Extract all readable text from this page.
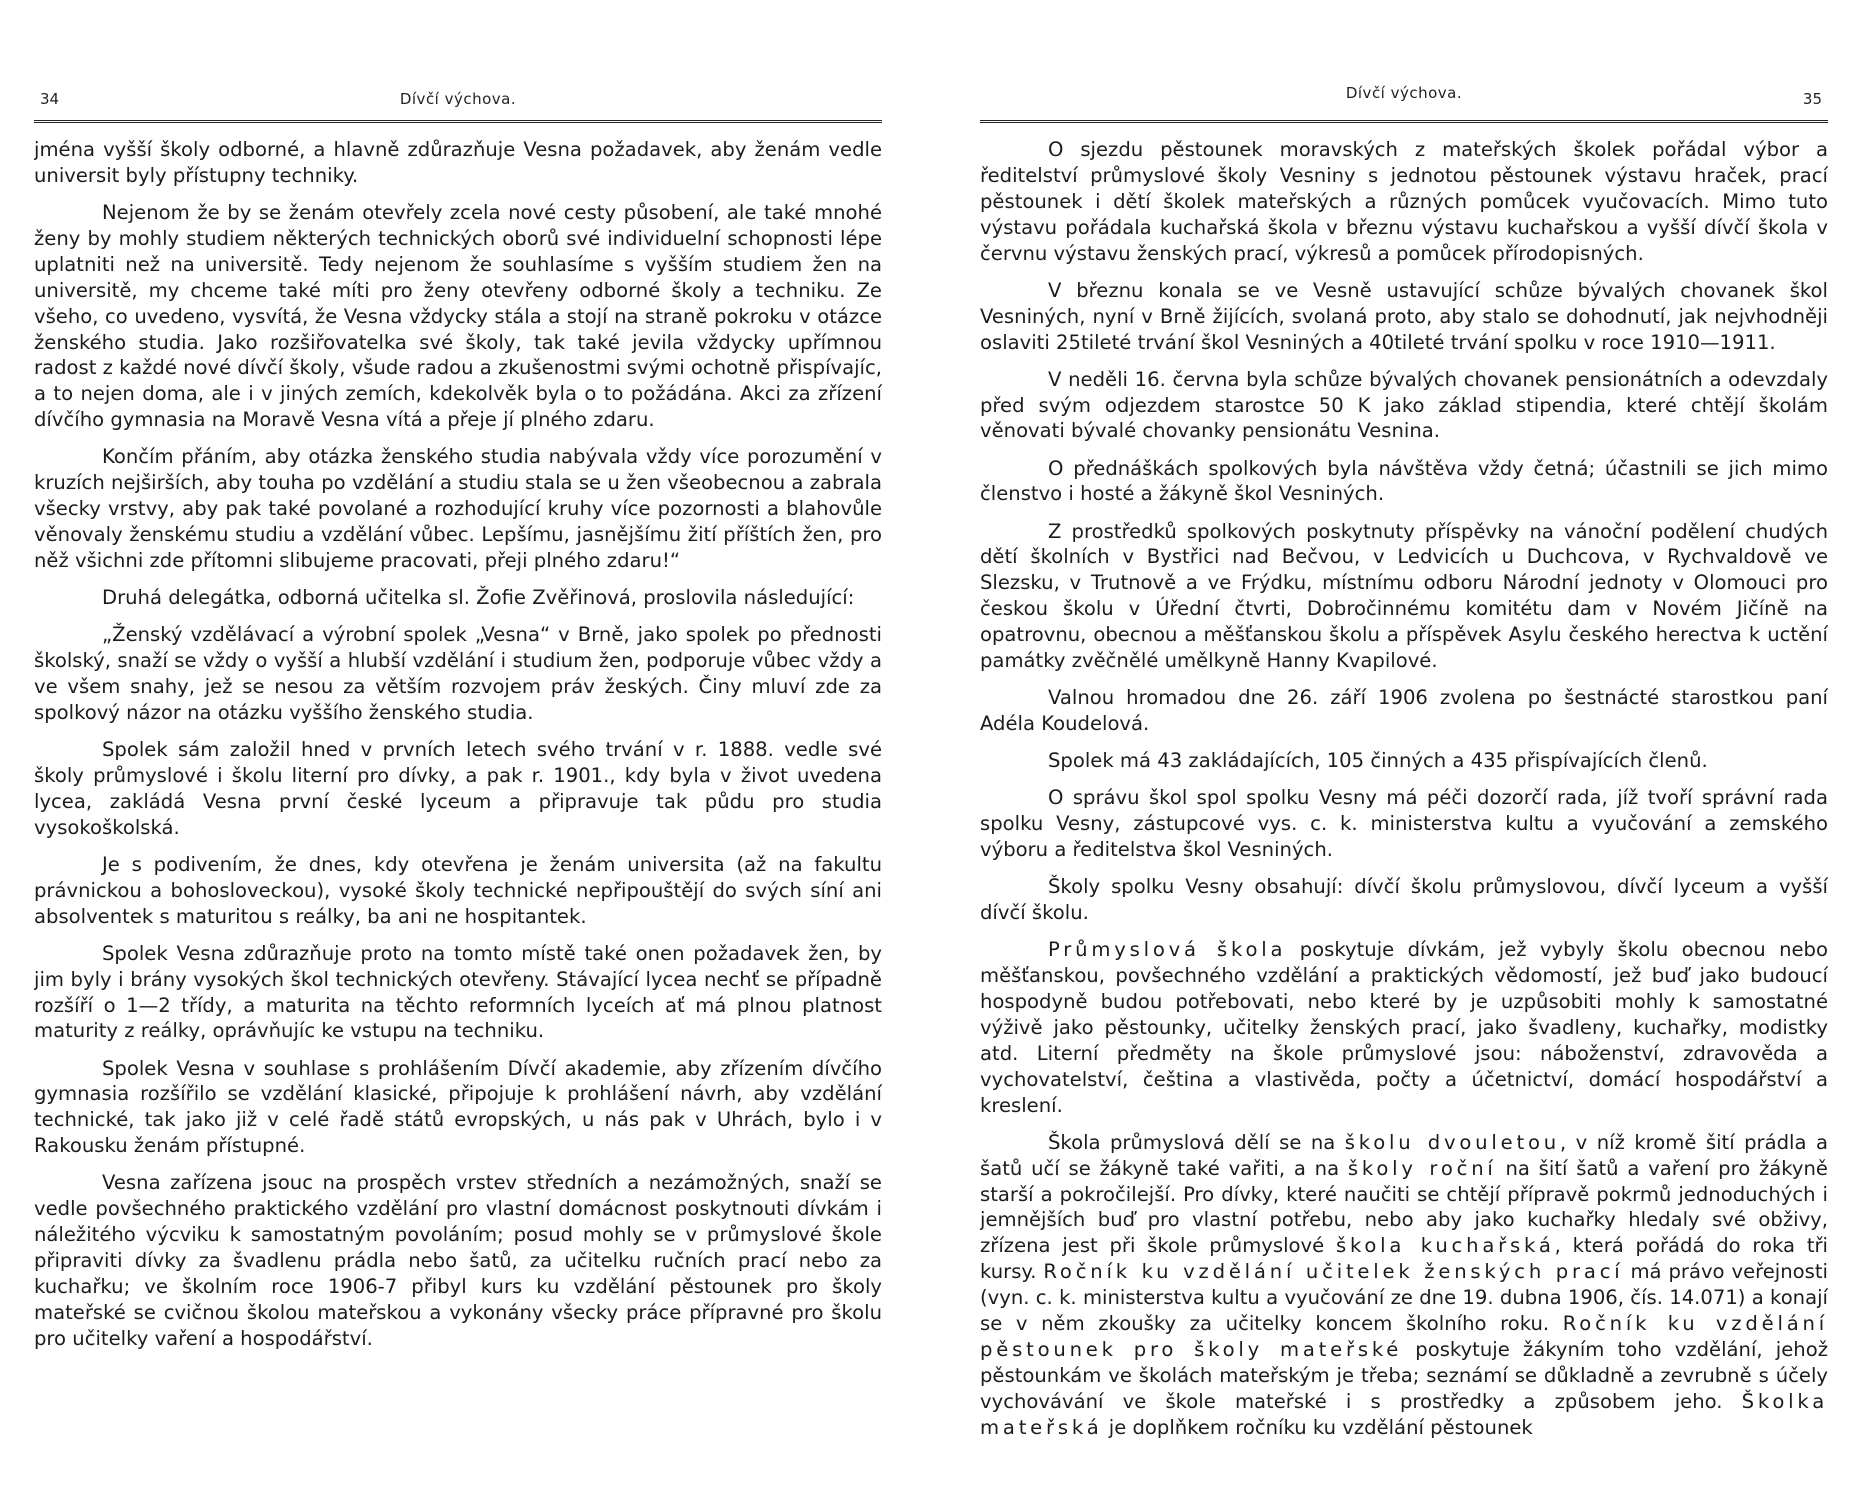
34	Dívčí výchova.

jména vyšší školy odborné, a hlavně zdůrazňuje Vesna požadavek, aby ženám vedle universit byly přístupny techniky.

Nejenom že by se ženám otevřely zcela nové cesty působení, ale také mnohé ženy by mohly studiem některých technických oborů své individuelní schopnosti lépe uplatniti než na universitě. Tedy nejenom že souhlasíme s vyšším studiem žen na universitě, my chceme také míti pro ženy otevřeny odborné školy a techniku. Ze všeho, co uvedeno, vysvítá, že Vesna vždycky stála a stojí na straně pokroku v otázce ženského studia. Jako rozšiřovatelka své školy, tak také jevila vždycky upřímnou radost z každé nové dívčí školy, všude radou a zkušenostmi svými ochotně přispívajíc, a to nejen doma, ale i v jiných zemích, kdekolvěk byla o to požádána. Akci za zřízení dívčího gymnasia na Moravě Vesna vítá a přeje jí plného zdaru.

Končím přáním, aby otázka ženského studia nabývala vždy více porozumění v kruzích nejširších, aby touha po vzdělání a studiu stala se u žen všeobecnou a zabrala všecky vrstvy, aby pak také povolané a rozhodující kruhy více pozornosti a blahovůle věnovaly ženskému studiu a vzdělání vůbec. Lepšímu, jasnějšímu žití příštích žen, pro něž všichni zde přítomni slibujeme pracovati, přeji plného zdaru!“

Druhá delegátka, odborná učitelka sl. Žofie Zvěřinová, proslovila následující:

„Ženský vzdělávací a výrobní spolek „Vesna“ v Brně, jako spolek po přednosti školský, snaží se vždy o vyšší a hlubší vzdělání i studium žen, podporuje vůbec vždy a ve všem snahy, jež se nesou za větším rozvojem práv žeských. Činy mluví zde za spolkový názor na otázku vyššího ženského studia.

Spolek sám založil hned v prvních letech svého trvání v r. 1888. vedle své školy průmyslové i školu literní pro dívky, a pak r. 1901., kdy byla v život uvedena lycea, zakládá Vesna první české lyceum a připravuje tak půdu pro studia vysokoškolská.

Je s podivením, že dnes, kdy otevřena je ženám universita (až na fakultu právnickou a bohosloveckou), vysoké školy technické nepřipouštějí do svých síní ani absolventek s maturitou s reálky, ba ani ne hospitantek.

Spolek Vesna zdůrazňuje proto na tomto místě také onen požadavek žen, by jim byly i brány vysokých škol technických otevřeny. Stávající lycea nechť se případně rozšíří o 1—2 třídy, a maturita na těchto reformních lyceích ať má plnou platnost maturity z reálky, oprávňujíc ke vstupu na techniku.

Spolek Vesna v souhlase s prohlášením Dívčí akademie, aby zřízením dívčího gymnasia rozšířilo se vzdělání klasické, připojuje k prohlášení návrh, aby vzdělání technické, tak jako již v celé řadě států evropských, u nás pak v Uhrách, bylo i v Rakousku ženám přístupné.

Vesna zařízena jsouc na prospěch vrstev středních a nezámožných, snaží se vedle povšechného praktického vzdělání pro vlastní domácnost poskytnouti dívkám i náležitého výcviku k samostatným povoláním; posud mohly se v průmyslové škole připraviti dívky za švadlenu prádla nebo šatů, za učitelku ručních prací nebo za kuchařku; ve školním roce 1906-7 přibyl kurs ku vzdělání pěstounek pro školy mateřské se cvičnou školou mateřskou a vykonány všecky práce přípravné pro školu pro učitelky vaření a hospodářství.

Dívčí výchova.	35

O sjezdu pěstounek moravských z mateřských školek pořádal výbor a ředitelství průmyslové školy Vesniny s jednotou pěstounek výstavu hraček, prací pěstounek i dětí školek mateřských a různých pomůcek vyučovacích. Mimo tuto výstavu pořádala kuchařská škola v březnu výstavu kuchařskou a vyšší dívčí škola v červnu výstavu ženských prací, výkresů a pomůcek přírodopisných.

V březnu konala se ve Vesně ustavující schůze bývalých chovanek škol Vesniných, nyní v Brně žijících, svolaná proto, aby stalo se dohodnutí, jak nejvhodněji oslaviti 25tileté trvání škol Vesniných a 40tileté trvání spolku v roce 1910—1911.

V neděli 16. června byla schůze bývalých chovanek pensionátních a odevzdaly před svým odjezdem starostce 50 K jako základ stipendia, které chtějí školám věnovati bývalé chovanky pensionátu Vesnina.

O přednáškách spolkových byla návštěva vždy četná; účastnili se jich mimo členstvo i hosté a žákyně škol Vesniných.

Z prostředků spolkových poskytnuty příspěvky na vánoční podělení chudých dětí školních v Bystřici nad Bečvou, v Ledvicích u Duchcova, v Rychvaldově ve Slezsku, v Trutnově a ve Frýdku, místnímu odboru Národní jednoty v Olomouci pro českou školu v Úřední čtvrti, Dobročinnému komitétu dam v Novém Jičíně na opatrovnu, obecnou a měšťanskou školu a příspěvek Asylu českého herectva k uctění památky zvěčnělé umělkyně Hanny Kvapilové.

Valnou hromadou dne 26. září 1906 zvolena po šestnácté starostkou paní Adéla Koudelová.

Spolek má 43 zakládajících, 105 činných a 435 přispívajících členů.

O správu škol spol spolku Vesny má péči dozorčí rada, jíž tvoří správní rada spolku Vesny, zástupcové vys. c. k. ministerstva kultu a vyučování a zemského výboru a ředitelstva škol Vesniných.

Školy spolku Vesny obsahují: dívčí školu průmyslovou, dívčí lyceum a vyšší dívčí školu.

Průmyslová škola poskytuje dívkám, jež vybyly školu obecnou nebo měšťanskou, povšechného vzdělání a praktických vědomostí, jež buď jako budoucí hospodyně budou potřebovati, nebo které by je uzpůsobiti mohly k samostatné výživě jako pěstounky, učitelky ženských prací, jako švadleny, kuchařky, modistky atd. Literní předměty na škole průmyslové jsou: náboženství, zdravověda a vychovatelství, čeština a vlastivěda, počty a účetnictví, domácí hospodářství a kreslení.

Škola průmyslová dělí se na školu dvouletou, v níž kromě šití prádla a šatů učí se žákyně také vařiti, a na školy roční na šití šatů a vaření pro žákyně starší a pokročilejší. Pro dívky, které naučiti se chtějí přípravě pokrmů jednoduchých i jemnějších buď pro vlastní potřebu, nebo aby jako kuchařky hledaly své obživy, zřízena jest při škole průmyslové škola kuchařská, která pořádá do roka tři kursy. Ročník ku vzdělání učitelek ženských prací má právo veřejnosti (vyn. c. k. ministerstva kultu a vyučování ze dne 19. dubna 1906, čís. 14.071) a konají se v něm zkoušky za učitelky koncem školního roku. Ročník ku vzdělání pěstounek pro školy mateřské poskytuje žákyním toho vzdělání, jehož pěstounkám ve školách mateřským je třeba; seznámí se důkladně a zevrubně s účely vychovávání ve škole mateřské i s prostředky a způsobem jeho. Školka mateřská je doplňkem ročníku ku vzdělání pěstounek
